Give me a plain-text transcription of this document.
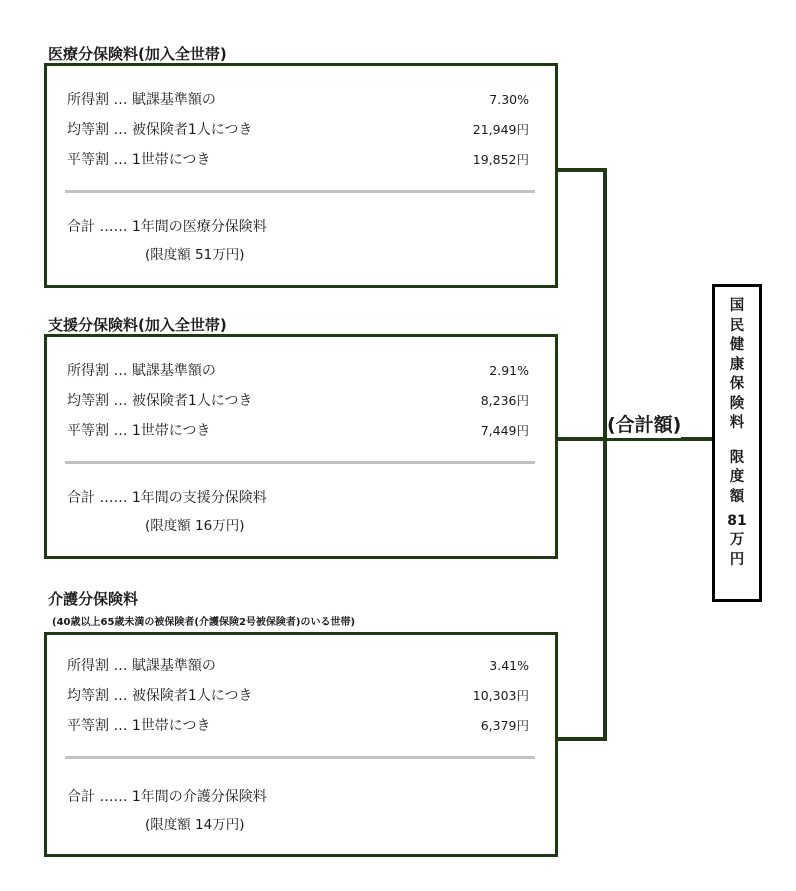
医療分保険料(加入全世帯)
所得割 … 賦課基準額の	7.30%
均等割 … 被保険者1人につき	21,949円
平等割 … 1世帯につき	19,852円
合計 …… 1年間の医療分保険料
(限度額 51万円)
支援分保険料(加入全世帯)
所得割 … 賦課基準額の	2.91%
均等割 … 被保険者1人につき	8,236円
平等割 … 1世帯につき	7,449円
合計 …… 1年間の支援分保険料
(限度額 16万円)
介護分保険料
(40歳以上65歳未満の被保険者(介護保険2号被保険者)のいる世帯)
所得割 … 賦課基準額の	3.41%
均等割 … 被保険者1人につき	10,303円
平等割 … 1世帯につき	6,379円
合計 …… 1年間の介護分保険料
(限度額 14万円)
(合計額)
国
民
健
康
保
険
料
限
度
額
81
万
円
